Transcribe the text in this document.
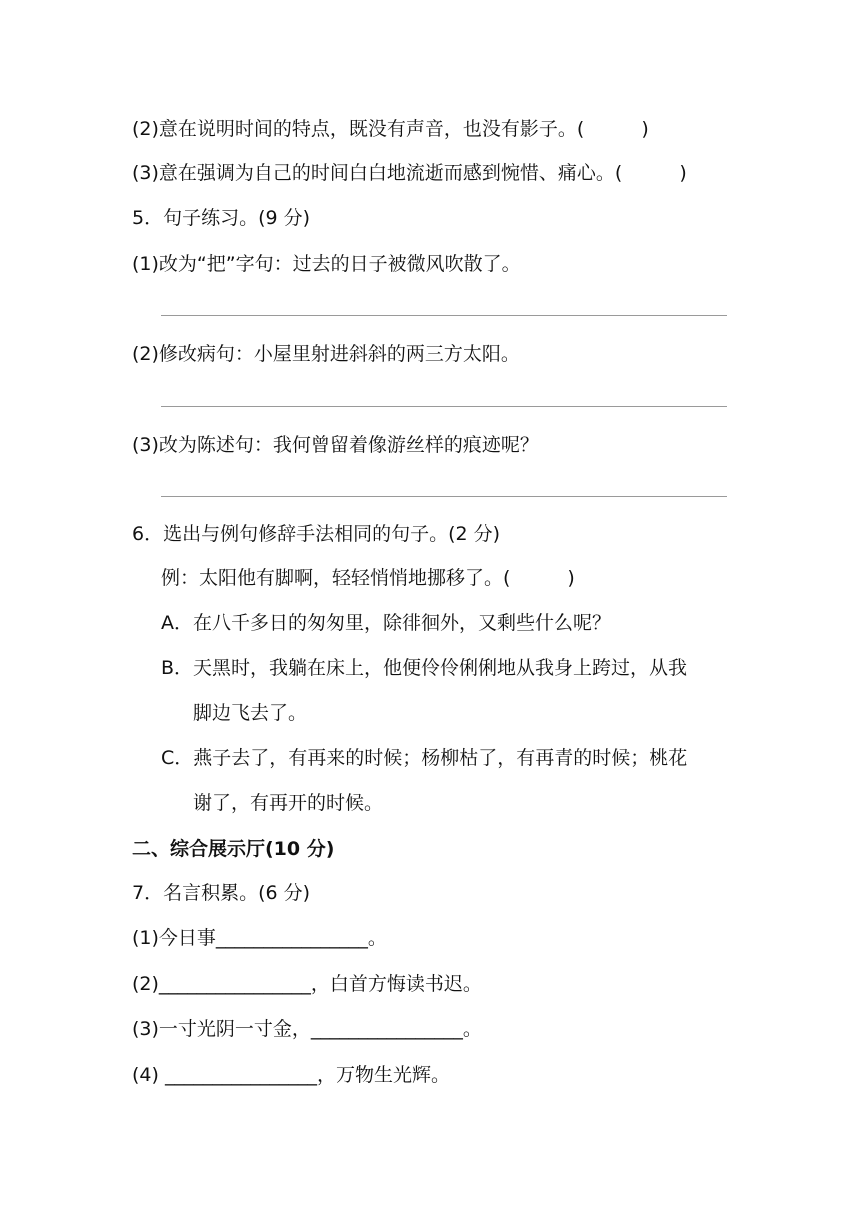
(2)意在说明时间的特点，既没有声音，也没有影子。(　　　)
(3)意在强调为自己的时间白白地流逝而感到惋惜、痛心。(　　　)
5．句子练习。(9 分)
(1)改为“把”字句：过去的日子被微风吹散了。
(2)修改病句：小屋里射进斜斜的两三方太阳。
(3)改为陈述句：我何曾留着像游丝样的痕迹呢？
6．选出与例句修辞手法相同的句子。(2 分)
例：太阳他有脚啊，轻轻悄悄地挪移了。(　　　)
A．在八千多日的匆匆里，除徘徊外，又剩些什么呢？
B．天黑时，我躺在床上，他便伶伶俐俐地从我身上跨过，从我
脚边飞去了。
C．燕子去了，有再来的时候；杨柳枯了，有再青的时候；桃花
谢了，有再开的时候。
二、综合展示厅(10 分)
7．名言积累。(6 分)
(1)今日事________________。
(2)________________，白首方悔读书迟。
(3)一寸光阴一寸金，________________。
(4) ________________，万物生光辉。
